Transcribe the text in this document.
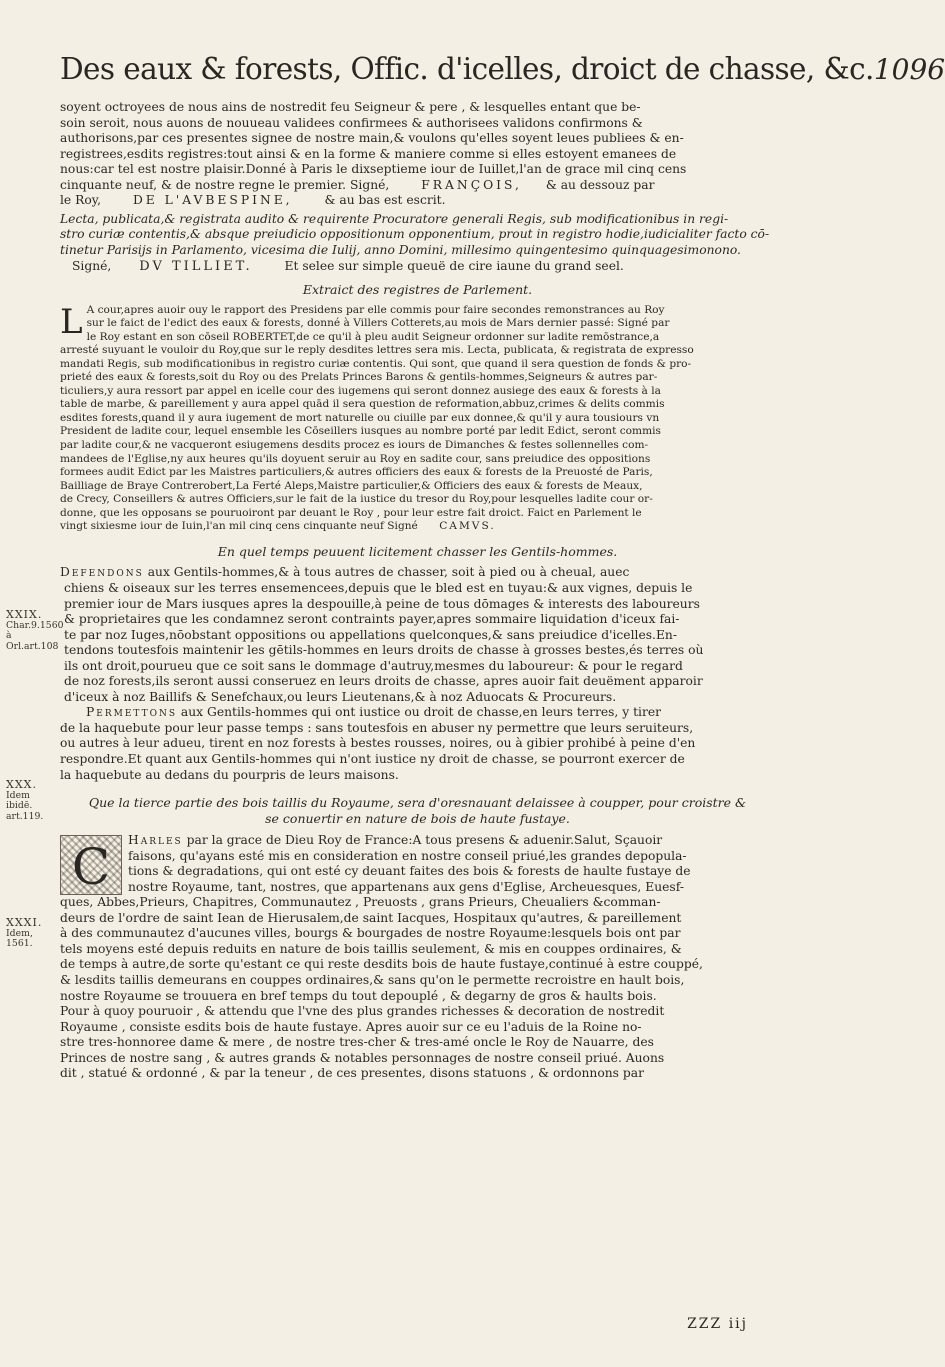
Des eaux & forests, Offic. d'icelles, droict de chasse, &c. 1096
XXIX.
Char.9.1560 à Orl.art.108
XXX.
Idem ibidē. art.119.
XXXI.
Idem, 1561.
soyent octroyees de nous ains de nostredit feu Seigneur & pere , & lesquelles entant que be-
soin seroit, nous auons de nouueau validees confirmees & authorisees validons confirmons &
authorisons,par ces presentes signee de nostre main,& voulons qu'elles soyent leues publiees & en-
registrees,esdits registres:tout ainsi & en la forme & maniere comme si elles estoyent emanees de
nous:car tel est nostre plaisir.Donné à Paris le dixseptieme iour de Iuillet,l'an de grace mil cinq cens
cinquante neuf, & de nostre regne le premier. Signé,	FRANÇOIS, & au dessouz par
le Roy,	DE L'AVBESPINE,	& au bas est escrit.
Lecta, publicata,& registrata audito & requirente Procuratore generali Regis, sub modificationibus in regi-
stro curiæ contentis,& absque preiudicio oppositionum opponentium, prout in registro hodie,iudicialiter facto cō-
tinetur Parisijs in Parlamento, vicesima die Iulij, anno Domini, millesimo quingentesimo quinquagesimonono.
Signé, DV TILLIET.	Et selee sur simple queuë de cire iaune du grand seel.
Extraict des registres de Parlement.
L A cour,apres auoir ouy le rapport des Presidens par elle commis pour faire secondes remonstrances au Roy
sur le faict de l'edict des eaux & forests, donné à Villers Cotterets,au mois de Mars dernier passé: Signé par
le Roy estant en son cōseil ROBERTET,de ce qu'il à pleu audit Seigneur ordonner sur ladite remōstrance,a
arresté suyuant le vouloir du Roy,que sur le reply desdites lettres sera mis. Lecta, publicata, & registrata de expresso
mandati Regis, sub modificationibus in registro curiæ contentis. Qui sont, que quand il sera question de fonds & pro-
prieté des eaux & forests,soit du Roy ou des Prelats Princes Barons & gentils-hommes,Seigneurs & autres par-
ticuliers,y aura ressort par appel en icelle cour des iugemens qui seront donnez ausiege des eaux & forests à la
table de marbe, & pareillement y aura appel quād il sera question de reformation,abbuz,crimes & delits commis
esdites forests,quand il y aura iugement de mort naturelle ou ciuille par eux donnee,& qu'il y aura tousiours vn
President de ladite cour, lequel ensemble les Cōseillers iusques au nombre porté par ledit Edict, seront commis
par ladite cour,& ne vacqueront esiugemens desdits procez es iours de Dimanches & festes sollennelles com-
mandees de l'Eglise,ny aux heures qu'ils doyuent seruir au Roy en sadite cour, sans preiudice des oppositions
formees audit Edict par les Maistres particuliers,& autres officiers des eaux & forests de la Preuosté de Paris,
Bailliage de Braye Contrerobert,La Ferté Aleps,Maistre particulier,& Officiers des eaux & forests de Meaux,
de Crecy, Conseillers & autres Officiers,sur le fait de la iustice du tresor du Roy,pour lesquelles ladite cour or-
donne, que les opposans se pouruoiront par deuant le Roy , pour leur estre fait droict. Faict en Parlement le
vingt sixiesme iour de Iuin,l'an mil cinq cens cinquante neuf Signé CAMVS.
En quel temps peuuent licitement chasser les Gentils-hommes.
Defendons aux Gentils-hommes,& à tous autres de chasser, soit à pied ou à cheual, auec
chiens & oiseaux sur les terres ensemencees,depuis que le bled est en tuyau:& aux vignes, depuis le
premier iour de Mars iusques apres la despouille,à peine de tous dōmages & interests des laboureurs
& proprietaires que les condamnez seront contraints payer,apres sommaire liquidation d'iceux fai-
te par noz Iuges,nōobstant oppositions ou appellations quelconques,& sans preiudice d'icelles.En-
tendons toutesfois maintenir les gētils-hommes en leurs droits de chasse à grosses bestes,és terres où
ils ont droit,pourueu que ce soit sans le dommage d'autruy,mesmes du laboureur: & pour le regard
de noz forests,ils seront aussi conseruez en leurs droits de chasse, apres auoir fait deuëment apparoir
d'iceux à noz Baillifs & Senefchaux,ou leurs Lieutenans,& à noz Aduocats & Procureurs.
Permettons aux Gentils-hommes qui ont iustice ou droit de chasse,en leurs terres, y tirer
de la haquebute pour leur passe temps : sans toutesfois en abuser ny permettre que leurs seruiteurs,
ou autres à leur adueu, tirent en noz forests à bestes rousses, noires, ou à gibier prohibé à peine d'en
respondre.Et quant aux Gentils-hommes qui n'ont iustice ny droit de chasse, se pourront exercer de
la haquebute au dedans du pourpris de leurs maisons.
Que la tierce partie des bois taillis du Royaume, sera d'oresnauant delaissee à coupper, pour croistre &
se conuertir en nature de bois de haute fustaye.
C	Harles par la grace de Dieu Roy de France:A tous presens & aduenir.Salut, Sçauoir
faisons, qu'ayans esté mis en consideration en nostre conseil priué,les grandes depopula-
tions & degradations, qui ont esté cy deuant faites des bois & forests de haulte fustaye de
nostre Royaume, tant, nostres, que appartenans aux gens d'Eglise, Archeuesques, Euesf-
ques, Abbes,Prieurs, Chapitres, Communautez , Preuosts , grans Prieurs, Cheualiers &comman-
deurs de l'ordre de saint Iean de Hierusalem,de saint Iacques, Hospitaux qu'autres, & pareillement
à des communautez d'aucunes villes, bourgs & bourgades de nostre Royaume:lesquels bois ont par
tels moyens esté depuis reduits en nature de bois taillis seulement, & mis en couppes ordinaires, &
de temps à autre,de sorte qu'estant ce qui reste desdits bois de haute fustaye,continué à estre couppé,
& lesdits taillis demeurans en couppes ordinaires,& sans qu'on le permette recroistre en hault bois,
nostre Royaume se trouuera en bref temps du tout depouplé , & degarny de gros & haults bois.
Pour à quoy pouruoir , & attendu que l'vne des plus grandes richesses & decoration de nostredit
Royaume , consiste esdits bois de haute fustaye. Apres auoir sur ce eu l'aduis de la Roine no-
stre tres-honnoree dame & mere , de nostre tres-cher & tres-amé oncle le Roy de Nauarre, des
Princes de nostre sang , & autres grands & notables personnages de nostre conseil priué. Auons
dit , statué & ordonné , & par la teneur , de ces presentes, disons statuons , & ordonnons par
ZZZ iij
